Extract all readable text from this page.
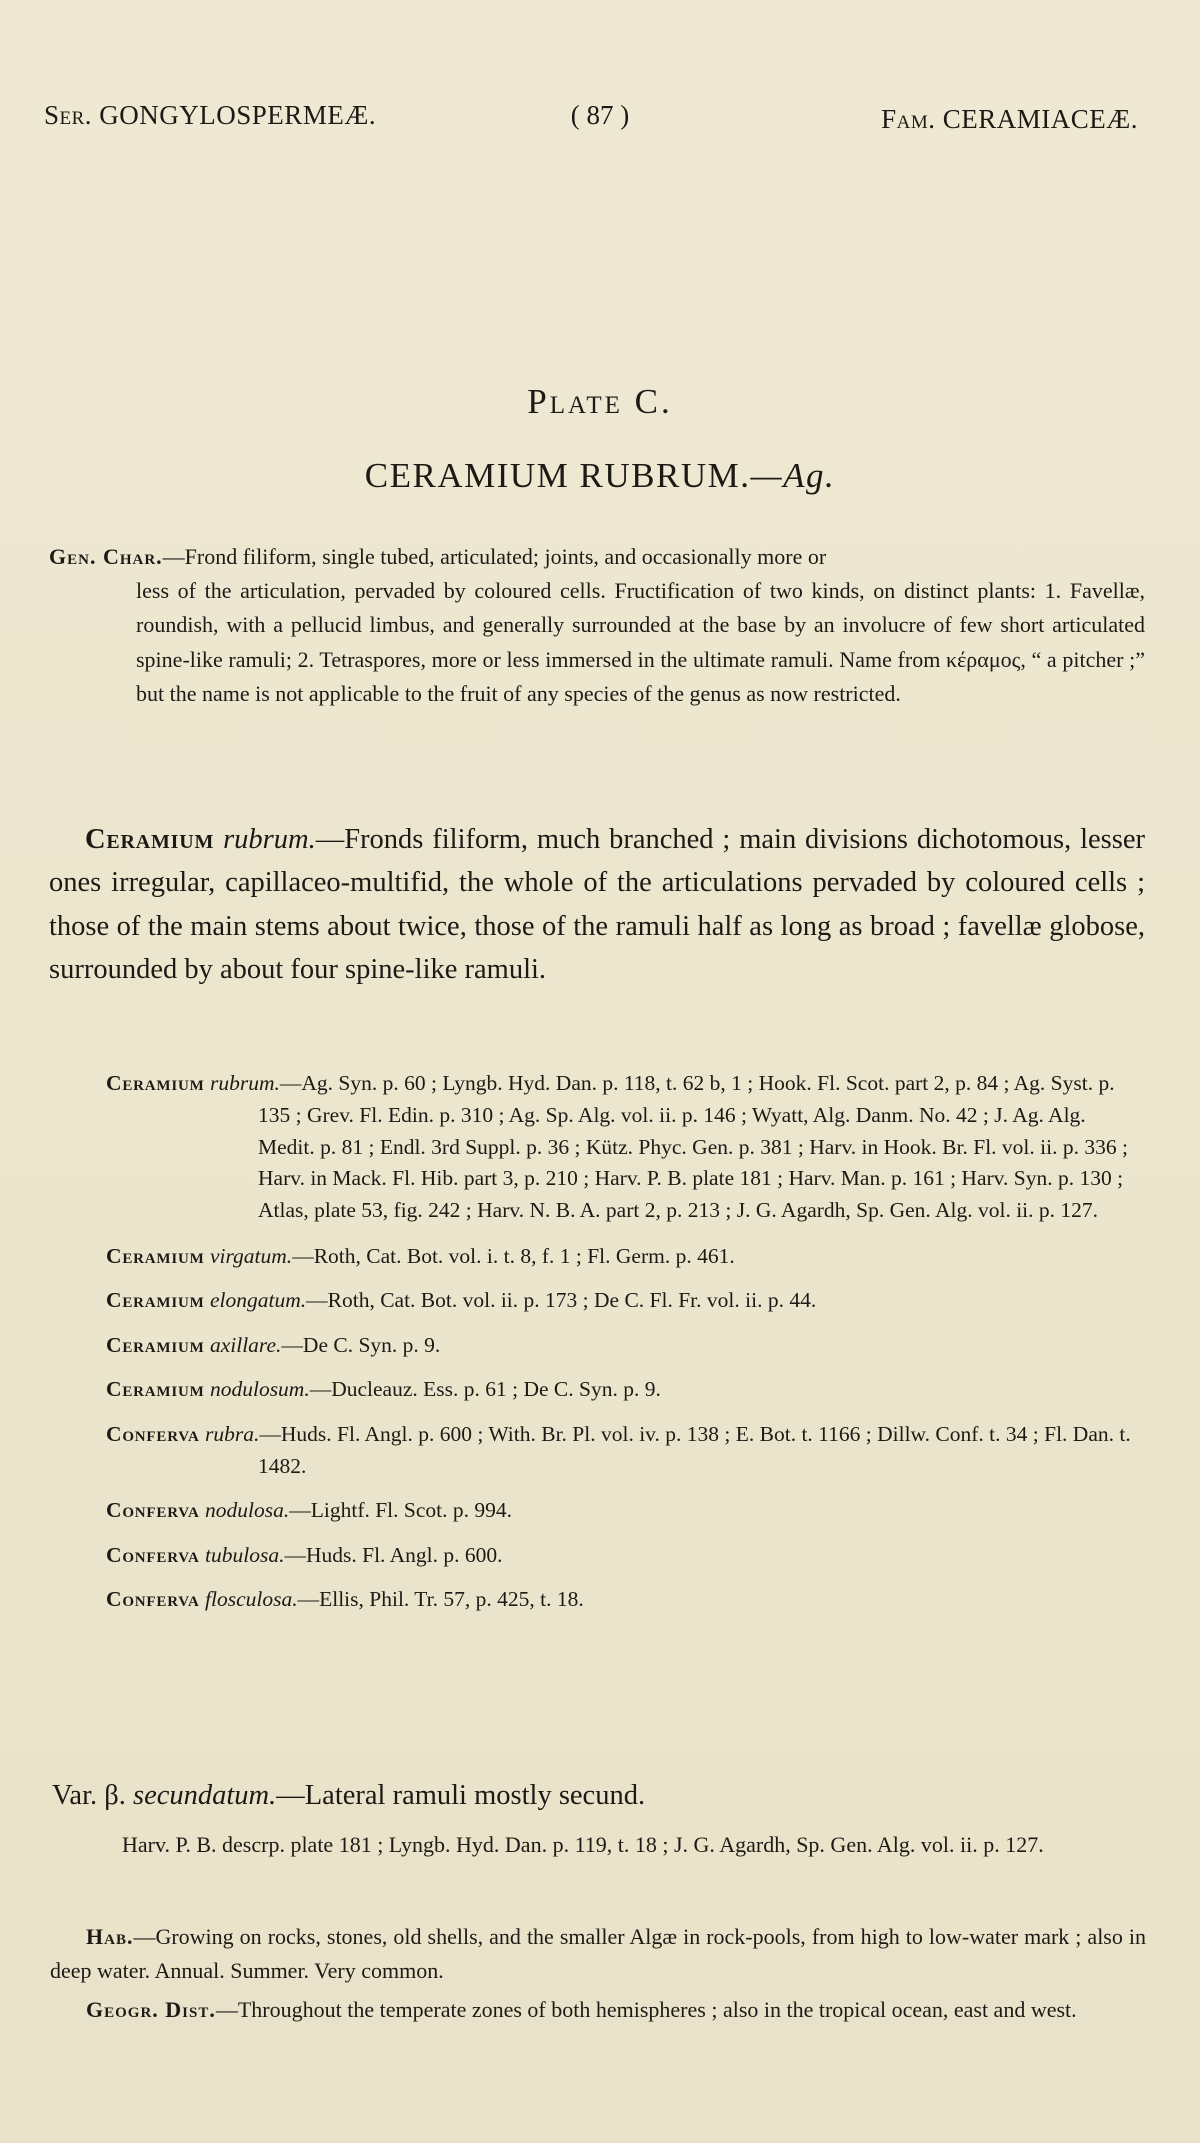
Ser. GONGYLOSPERMEÆ.	( 87 )	Fam. CERAMIACEÆ.
Plate C.
CERAMIUM RUBRUM.—Ag.
Gen. Char.—Frond filiform, single tubed, articulated; joints, and occasionally more or
less of the articulation, pervaded by coloured cells. Fructification of two kinds, on distinct plants: 1. Favellæ, roundish, with a pellucid limbus, and generally surrounded at the base by an involucre of few short articulated spine-like ramuli; 2. Tetraspores, more or less immersed in the ultimate ramuli. Name from κέραμος, “ a pitcher ;” but the name is not applicable to the fruit of any species of the genus as now restricted.
Ceramium rubrum.—Fronds filiform, much branched ; main divisions dichotomous, lesser ones irregular, capillaceo-multifid, the whole of the articulations pervaded by coloured cells ; those of the main stems about twice, those of the ramuli half as long as broad ; favellæ globose, surrounded by about four spine-like ramuli.
Ceramium rubrum.—Ag. Syn. p. 60 ; Lyngb. Hyd. Dan. p. 118, t. 62 b, 1 ; Hook. Fl. Scot. part 2, p. 84 ; Ag. Syst. p. 135 ; Grev. Fl. Edin. p. 310 ; Ag. Sp. Alg. vol. ii. p. 146 ; Wyatt, Alg. Danm. No. 42 ; J. Ag. Alg. Medit. p. 81 ; Endl. 3rd Suppl. p. 36 ; Kütz. Phyc. Gen. p. 381 ; Harv. in Hook. Br. Fl. vol. ii. p. 336 ; Harv. in Mack. Fl. Hib. part 3, p. 210 ; Harv. P. B. plate 181 ; Harv. Man. p. 161 ; Harv. Syn. p. 130 ; Atlas, plate 53, fig. 242 ; Harv. N. B. A. part 2, p. 213 ; J. G. Agardh, Sp. Gen. Alg. vol. ii. p. 127.
Ceramium virgatum.—Roth, Cat. Bot. vol. i. t. 8, f. 1 ; Fl. Germ. p. 461.
Ceramium elongatum.—Roth, Cat. Bot. vol. ii. p. 173 ; De C. Fl. Fr. vol. ii. p. 44.
Ceramium axillare.—De C. Syn. p. 9.
Ceramium nodulosum.—Ducleauz. Ess. p. 61 ; De C. Syn. p. 9.
Conferva rubra.—Huds. Fl. Angl. p. 600 ; With. Br. Pl. vol. iv. p. 138 ; E. Bot. t. 1166 ; Dillw. Conf. t. 34 ; Fl. Dan. t. 1482.
Conferva nodulosa.—Lightf. Fl. Scot. p. 994.
Conferva tubulosa.—Huds. Fl. Angl. p. 600.
Conferva flosculosa.—Ellis, Phil. Tr. 57, p. 425, t. 18.
Var. β. secundatum.—Lateral ramuli mostly secund.
Harv. P. B. descrp. plate 181 ; Lyngb. Hyd. Dan. p. 119, t. 18 ; J. G. Agardh, Sp. Gen. Alg. vol. ii. p. 127.
Hab.—Growing on rocks, stones, old shells, and the smaller Algæ in rock-pools, from high to low-water mark ; also in deep water. Annual. Summer. Very common.
Geogr. Dist.—Throughout the temperate zones of both hemispheres ; also in the tropical ocean, east and west.
